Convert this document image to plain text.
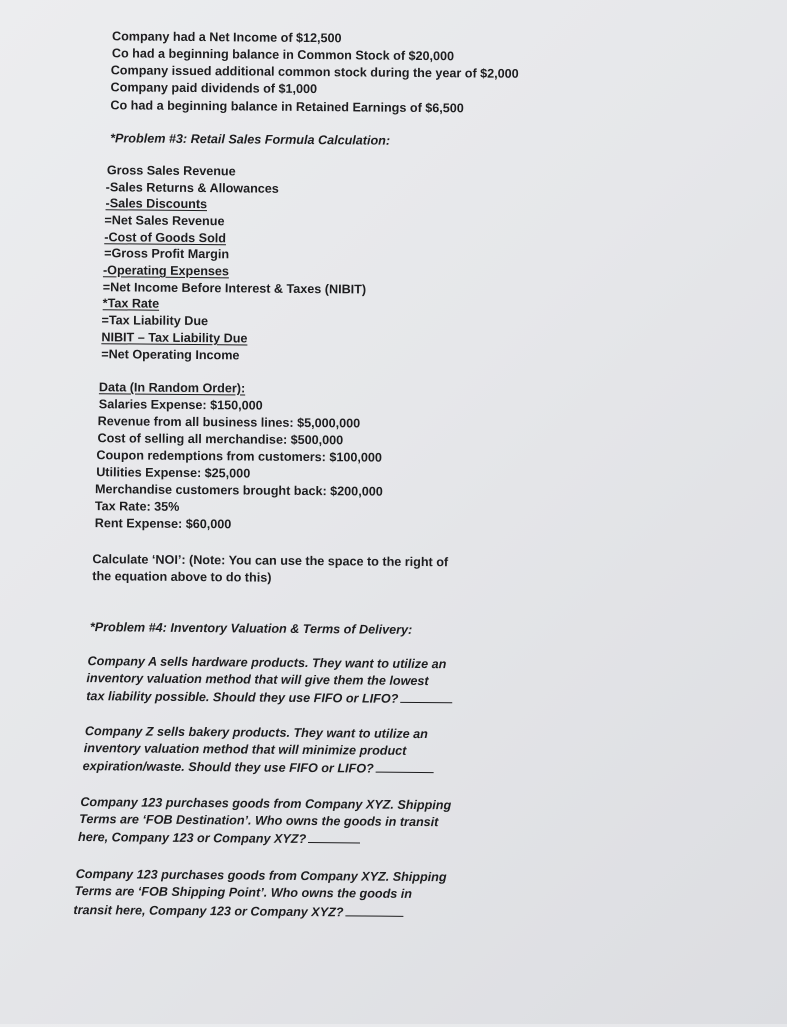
Company had a Net Income of $12,500
Co had a beginning balance in Common Stock of $20,000
Company issued additional common stock during the year of $2,000
Company paid dividends of $1,000
Co had a beginning balance in Retained Earnings of $6,500
*Problem #3: Retail Sales Formula Calculation:
Gross Sales Revenue
-Sales Returns & Allowances
-Sales Discounts
=Net Sales Revenue
-Cost of Goods Sold
=Gross Profit Margin
-Operating Expenses
=Net Income Before Interest & Taxes (NIBIT)
*Tax Rate
=Tax Liability Due
NIBIT – Tax Liability Due
=Net Operating Income
Data (In Random Order):
Salaries Expense: $150,000
Revenue from all business lines: $5,000,000
Cost of selling all merchandise: $500,000
Coupon redemptions from customers: $100,000
Utilities Expense: $25,000
Merchandise customers brought back: $200,000
Tax Rate: 35%
Rent Expense: $60,000
Calculate ‘NOI’: (Note: You can use the space to the right of
the equation above to do this)
*Problem #4: Inventory Valuation & Terms of Delivery:
Company A sells hardware products. They want to utilize an
inventory valuation method that will give them the lowest
tax liability possible. Should they use FIFO or LIFO?
Company Z sells bakery products. They want to utilize an
inventory valuation method that will minimize product
expiration/waste. Should they use FIFO or LIFO?
Company 123 purchases goods from Company XYZ. Shipping
Terms are ‘FOB Destination’. Who owns the goods in transit
here, Company 123 or Company XYZ?
Company 123 purchases goods from Company XYZ. Shipping
Terms are ‘FOB Shipping Point’. Who owns the goods in
transit here, Company 123 or Company XYZ?
